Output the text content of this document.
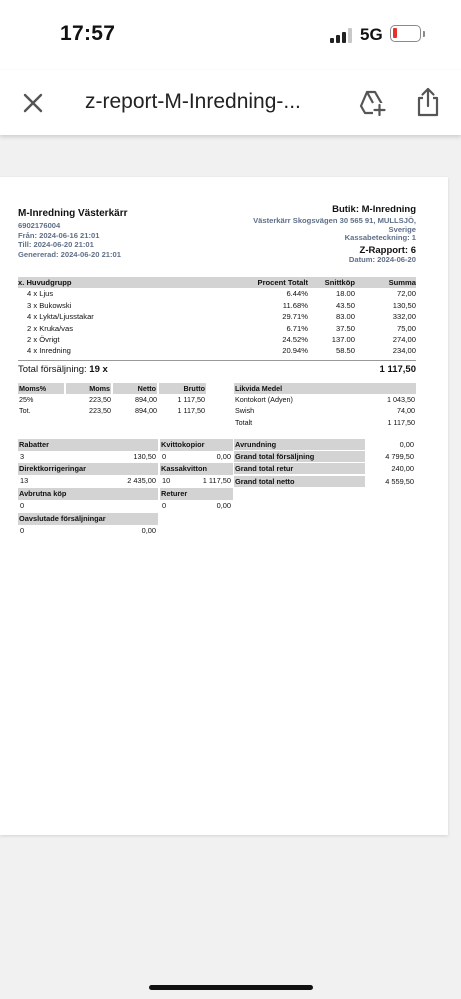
17:57	5G
z-report-M-Inredning-...
M-Inredning Västerkärr
6902176004
Från: 2024-06-16 21:01
Till: 2024-06-20 21:01
Genererad: 2024-06-20 21:01
Butik: M-Inredning
Västerkärr Skogsvägen 30 565 91, MULLSJÖ,
Sverige
Kassabeteckning: 1
Z-Rapport: 6
Datum: 2024-06-20
x. Huvudgrupp	Procent Totalt	Snittköp	Summa
4 x Ljus	6.44%	18.00	72,00
3 x Bukowski	11.68%	43.50	130,50
4 x Lykta/Ljusstakar	29.71%	83.00	332,00
2 x Kruka/vas	6.71%	37.50	75,00
2 x Övrigt	24.52%	137.00	274,00
4 x Inredning	20.94%	58.50	234,00
Total försäljning: 19 x	1 117,50
Moms%	Moms	Netto	Brutto
25%	223,50	894,00	1 117,50
Tot.	223,50	894,00	1 117,50
Likvida Medel	
Kontokort (Adyen)	1 043,50
Swish	74,00
Totalt	1 117,50
Rabatter
3	130,50
Kvittokopior
0	0,00
Direktkorrigeringar
13	2 435,00
Kassakvitton
10	1 117,50
Avbrutna köp
0
Returer
0	0,00
Oavslutade försäljningar
0	0,00
Avrundning	0,00
Grand total försäljning	4 799,50
Grand total retur	240,00
Grand total netto	4 559,50
